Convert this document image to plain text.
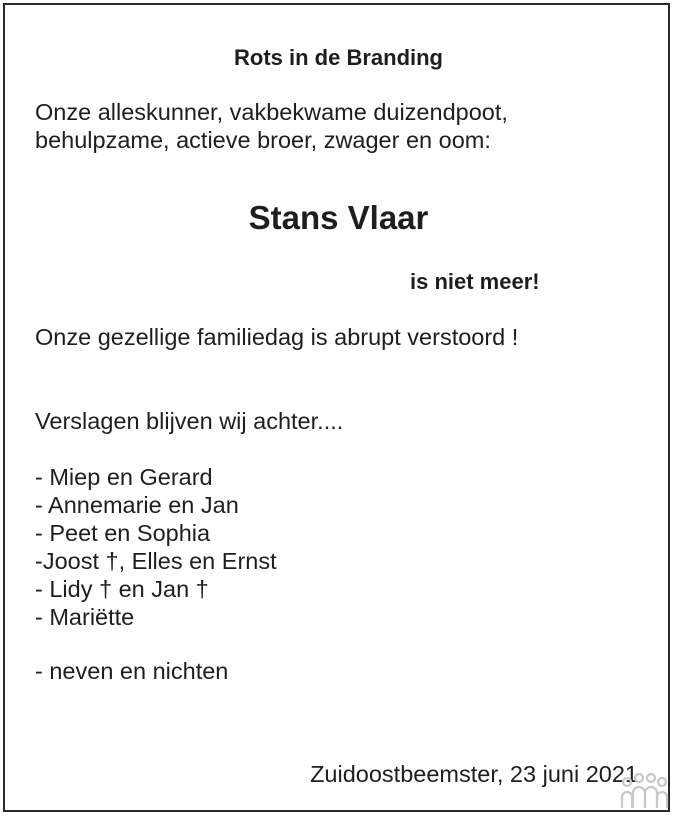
Rots in de Branding
Onze alleskunner, vakbekwame duizendpoot,
behulpzame, actieve broer, zwager en oom:
Stans Vlaar
is niet meer!
Onze gezellige familiedag is abrupt verstoord !
Verslagen blijven wij achter....
- Miep en Gerard
- Annemarie en Jan
- Peet en Sophia
-Joost †, Elles en Ernst
- Lidy † en Jan †
- Mariëtte
- neven en nichten
Zuidoostbeemster, 23 juni 2021
